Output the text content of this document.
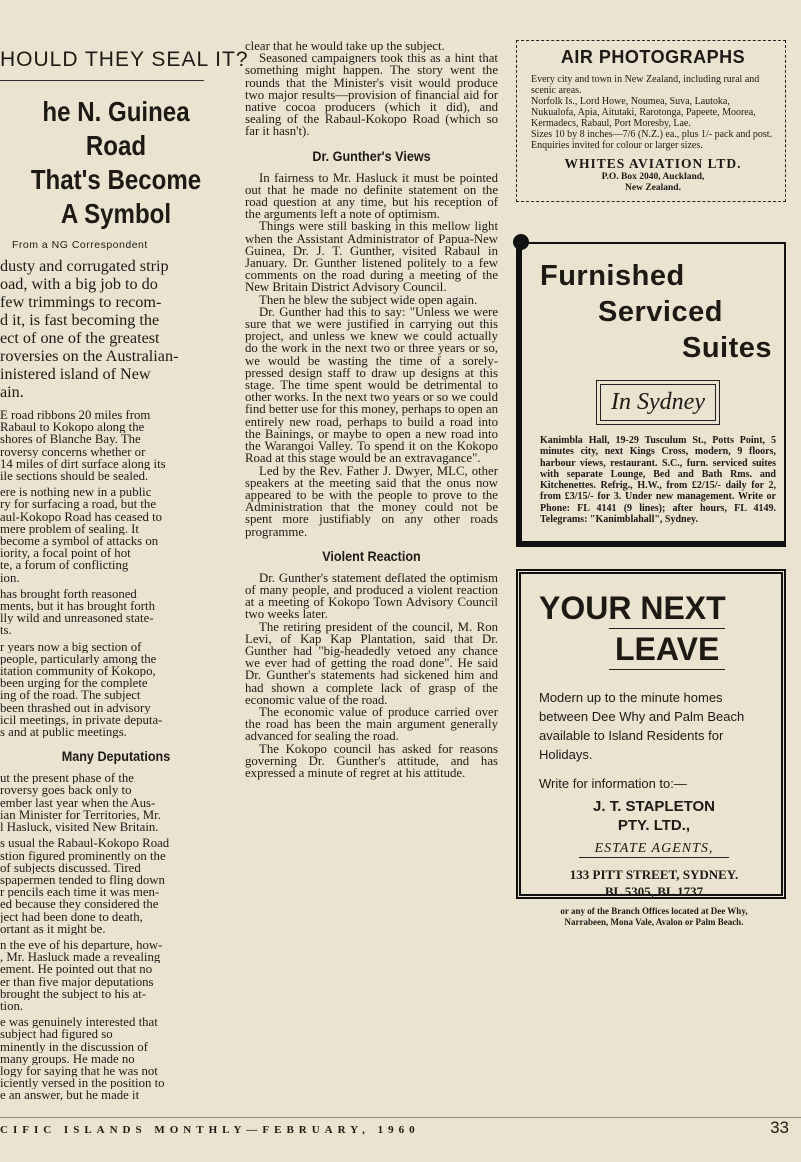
HOULD THEY SEAL IT?
he N. Guinea Road
That's Become
A Symbol
From a NG Correspondent
dusty and corrugated strip
oad, with a big job to do
few trimmings to recom-
d it, is fast becoming the
ect of one of the greatest
roversies on the Australian-
inistered island of New
ain.

E road ribbons 20 miles from

Rabaul to Kokopo along the

shores of Blanche Bay. The

roversy concerns whether or

14 miles of dirt surface along its

ile sections should be sealed.

ere is nothing new in a public

ry for surfacing a road, but the

aul-Kokopo Road has ceased to

mere problem of sealing. It

become a symbol of attacks on

iority, a focal point of hot

te, a forum of conflicting

ion.

has brought forth reasoned

ments, but it has brought forth

lly wild and unreasoned state-

ts.

r years now a big section of

people, particularly among the

itation community of Kokopo,

been urging for the complete

ing of the road. The subject

been thrashed out in advisory

icil meetings, in private deputa-

s and at public meetings.

Many Deputations

ut the present phase of the

roversy goes back only to

ember last year when the Aus-

ian Minister for Territories, Mr.

l Hasluck, visited New Britain.

s usual the Rabaul-Kokopo Road

stion figured prominently on the

of subjects discussed. Tired

spapermen tended to fling down

r pencils each time it was men-

ed because they considered the

ject had been done to death,

ortant as it might be.

n the eve of his departure, how-

, Mr. Hasluck made a revealing

ement. He pointed out that no

er than five major deputations

brought the subject to his at-

tion.

e was genuinely interested that

subject had figured so

minently in the discussion of

many groups. He made no

logy for saying that he was not

iciently versed in the position to

e an answer, but he made it

clear that he would take up the subject.

Seasoned campaigners took this as a hint that something might happen. The story went the rounds that the Minister's visit would produce two major results—provision of financial aid for native cocoa producers (which it did), and sealing of the Rabaul-Kokopo Road (which so far it hasn't).

Dr. Gunther's Views

In fairness to Mr. Hasluck it must be pointed out that he made no definite statement on the road question at any time, but his reception of the arguments left a note of optimism.

Things were still basking in this mellow light when the Assistant Administrator of Papua-New Guinea, Dr. J. T. Gunther, visited Rabaul in January. Dr. Gunther listened politely to a few comments on the road during a meeting of the New Britain District Advisory Council.

Then he blew the subject wide open again.

Dr. Gunther had this to say: "Unless we were sure that we were justified in carrying out this project, and unless we knew we could actually do the work in the next two or three years or so, we would be wasting the time of a sorely-pressed design staff to draw up designs at this stage. The time spent would be detrimental to other works. In the next two years or so we could find better use for this money, perhaps to open an entirely new road, perhaps to build a road into the Bainings, or maybe to open a new road into the Warangoi Valley. To spend it on the Kokopo Road at this stage would be an extravagance".

Led by the Rev. Father J. Dwyer, MLC, other speakers at the meeting said that the onus now appeared to be with the people to prove to the Administration that the money could not be spent more justifiably on any other roads programme.

Violent Reaction

Dr. Gunther's statement deflated the optimism of many people, and produced a violent reaction at a meeting of Kokopo Town Advisory Council two weeks later.

The retiring president of the council, M. Ron Levi, of Kap Kap Plantation, said that Dr. Gunther had "big-headedly vetoed any chance we ever had of getting the road done". He said Dr. Gunther's statements had sickened him and had shown a complete lack of grasp of the economic value of the road.

The economic value of produce carried over the road has been the main argument generally advanced for sealing the road.

The Kokopo council has asked for reasons governing Dr. Gunther's attitude, and has expressed a minute of regret at his attitude.

AIR PHOTOGRAPHS

Every city and town in New Zealand, including rural and scenic areas.

Norfolk Is., Lord Howe, Noumea, Suva, Lautoka, Nukualofa, Apia, Aitutaki, Rarotonga, Papeete, Moorea, Kermadecs, Rabaul, Port Moresby, Lae.

Sizes 10 by 8 inches—7/6 (N.Z.) ea., plus 1/- pack and post. Enquiries invited for colour or larger sizes.

WHITES AVIATION LTD.
P.O. Box 2040, Auckland,
New Zealand.
Furnished
Serviced
Suites
In Sydney

Kanimbla Hall, 19-29 Tusculum St., Potts Point, 5 minutes city, next Kings Cross, modern, 9 floors, harbour views, restaurant. S.C., furn. serviced suites with separate Lounge, Bed and Bath Rms. and Kitchenettes. Refrig., H.W., from £2/15/- daily for 2, from £3/15/- for 3. Under new management. Write or Phone: FL 4141 (9 lines); after hours, FL 4149. Telegrams: "Kanimblahall", Sydney.

YOUR NEXT
LEAVE
Modern up to the minute homes between Dee Why and Palm Beach available to Island Residents for Holidays.
Write for information to:—
J. T. STAPLETON
PTY. LTD.,
ESTATE AGENTS,
133 PITT STREET, SYDNEY.
BL 5305, BL 1737
or any of the Branch Offices located at Dee Why, Narrabeen, Mona Vale, Avalon or Palm Beach.
CIFIC ISLANDS MONTHLY—FEBRUARY, 1960	33
